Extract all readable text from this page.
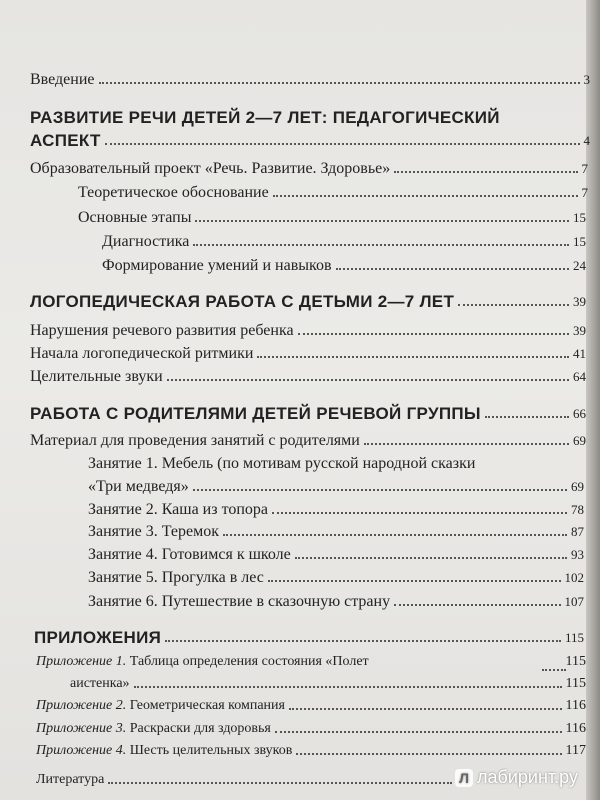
Введение	3
РАЗВИТИЕ РЕЧИ ДЕТЕЙ 2—7 ЛЕТ: ПЕДАГОГИЧЕСКИЙ
АСПЕКТ	4
Образовательный проект «Речь. Развитие. Здоровье»	7
Теоретическое обоснование	7
Основные этапы	15
Диагностика	15
Формирование умений и навыков	24
ЛОГОПЕДИЧЕСКАЯ РАБОТА С ДЕТЬМИ 2—7 ЛЕТ	39
Нарушения речевого развития ребенка	39
Начала логопедической ритмики	41
Целительные звуки	64
РАБОТА С РОДИТЕЛЯМИ ДЕТЕЙ РЕЧЕВОЙ ГРУППЫ	66
Материал для проведения занятий с родителями	69
Занятие 1. Мебель (по мотивам русской народной сказки
«Три медведя»	69
Занятие 2. Каша из топора	78
Занятие 3. Теремок	87
Занятие 4. Готовимся к школе	93
Занятие 5. Прогулка в лес	102
Занятие 6. Путешествие в сказочную страну	107
ПРИЛОЖЕНИЯ	115
Приложение 1. Таблица определения состояния «Полет	115
аистенка»	115
Приложение 2. Геометрическая компания	116
Приложение 3. Раскраски для здоровья	116
Приложение 4. Шесть целительных звуков	117
Литература	Л лабиринт.ру
